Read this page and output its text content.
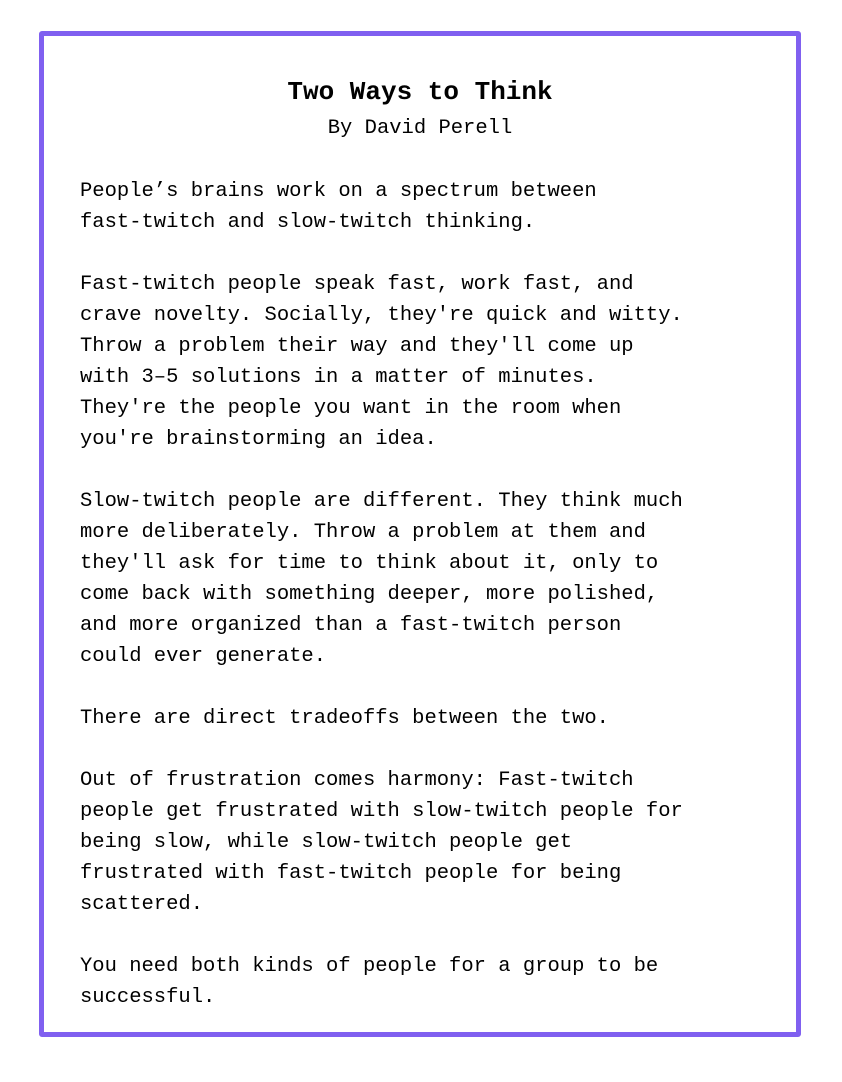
Two Ways to Think

By David Perell

People’s brains work on a spectrum between
fast-twitch and slow-twitch thinking.

Fast-twitch people speak fast, work fast, and
crave novelty. Socially, they're quick and witty.
Throw a problem their way and they'll come up
with 3–5 solutions in a matter of minutes.
They're the people you want in the room when
you're brainstorming an idea.

Slow-twitch people are different. They think much
more deliberately. Throw a problem at them and
they'll ask for time to think about it, only to
come back with something deeper, more polished,
and more organized than a fast-twitch person
could ever generate.

There are direct tradeoffs between the two.

Out of frustration comes harmony: Fast-twitch
people get frustrated with slow-twitch people for
being slow, while slow-twitch people get
frustrated with fast-twitch people for being
scattered.

You need both kinds of people for a group to be
successful.
